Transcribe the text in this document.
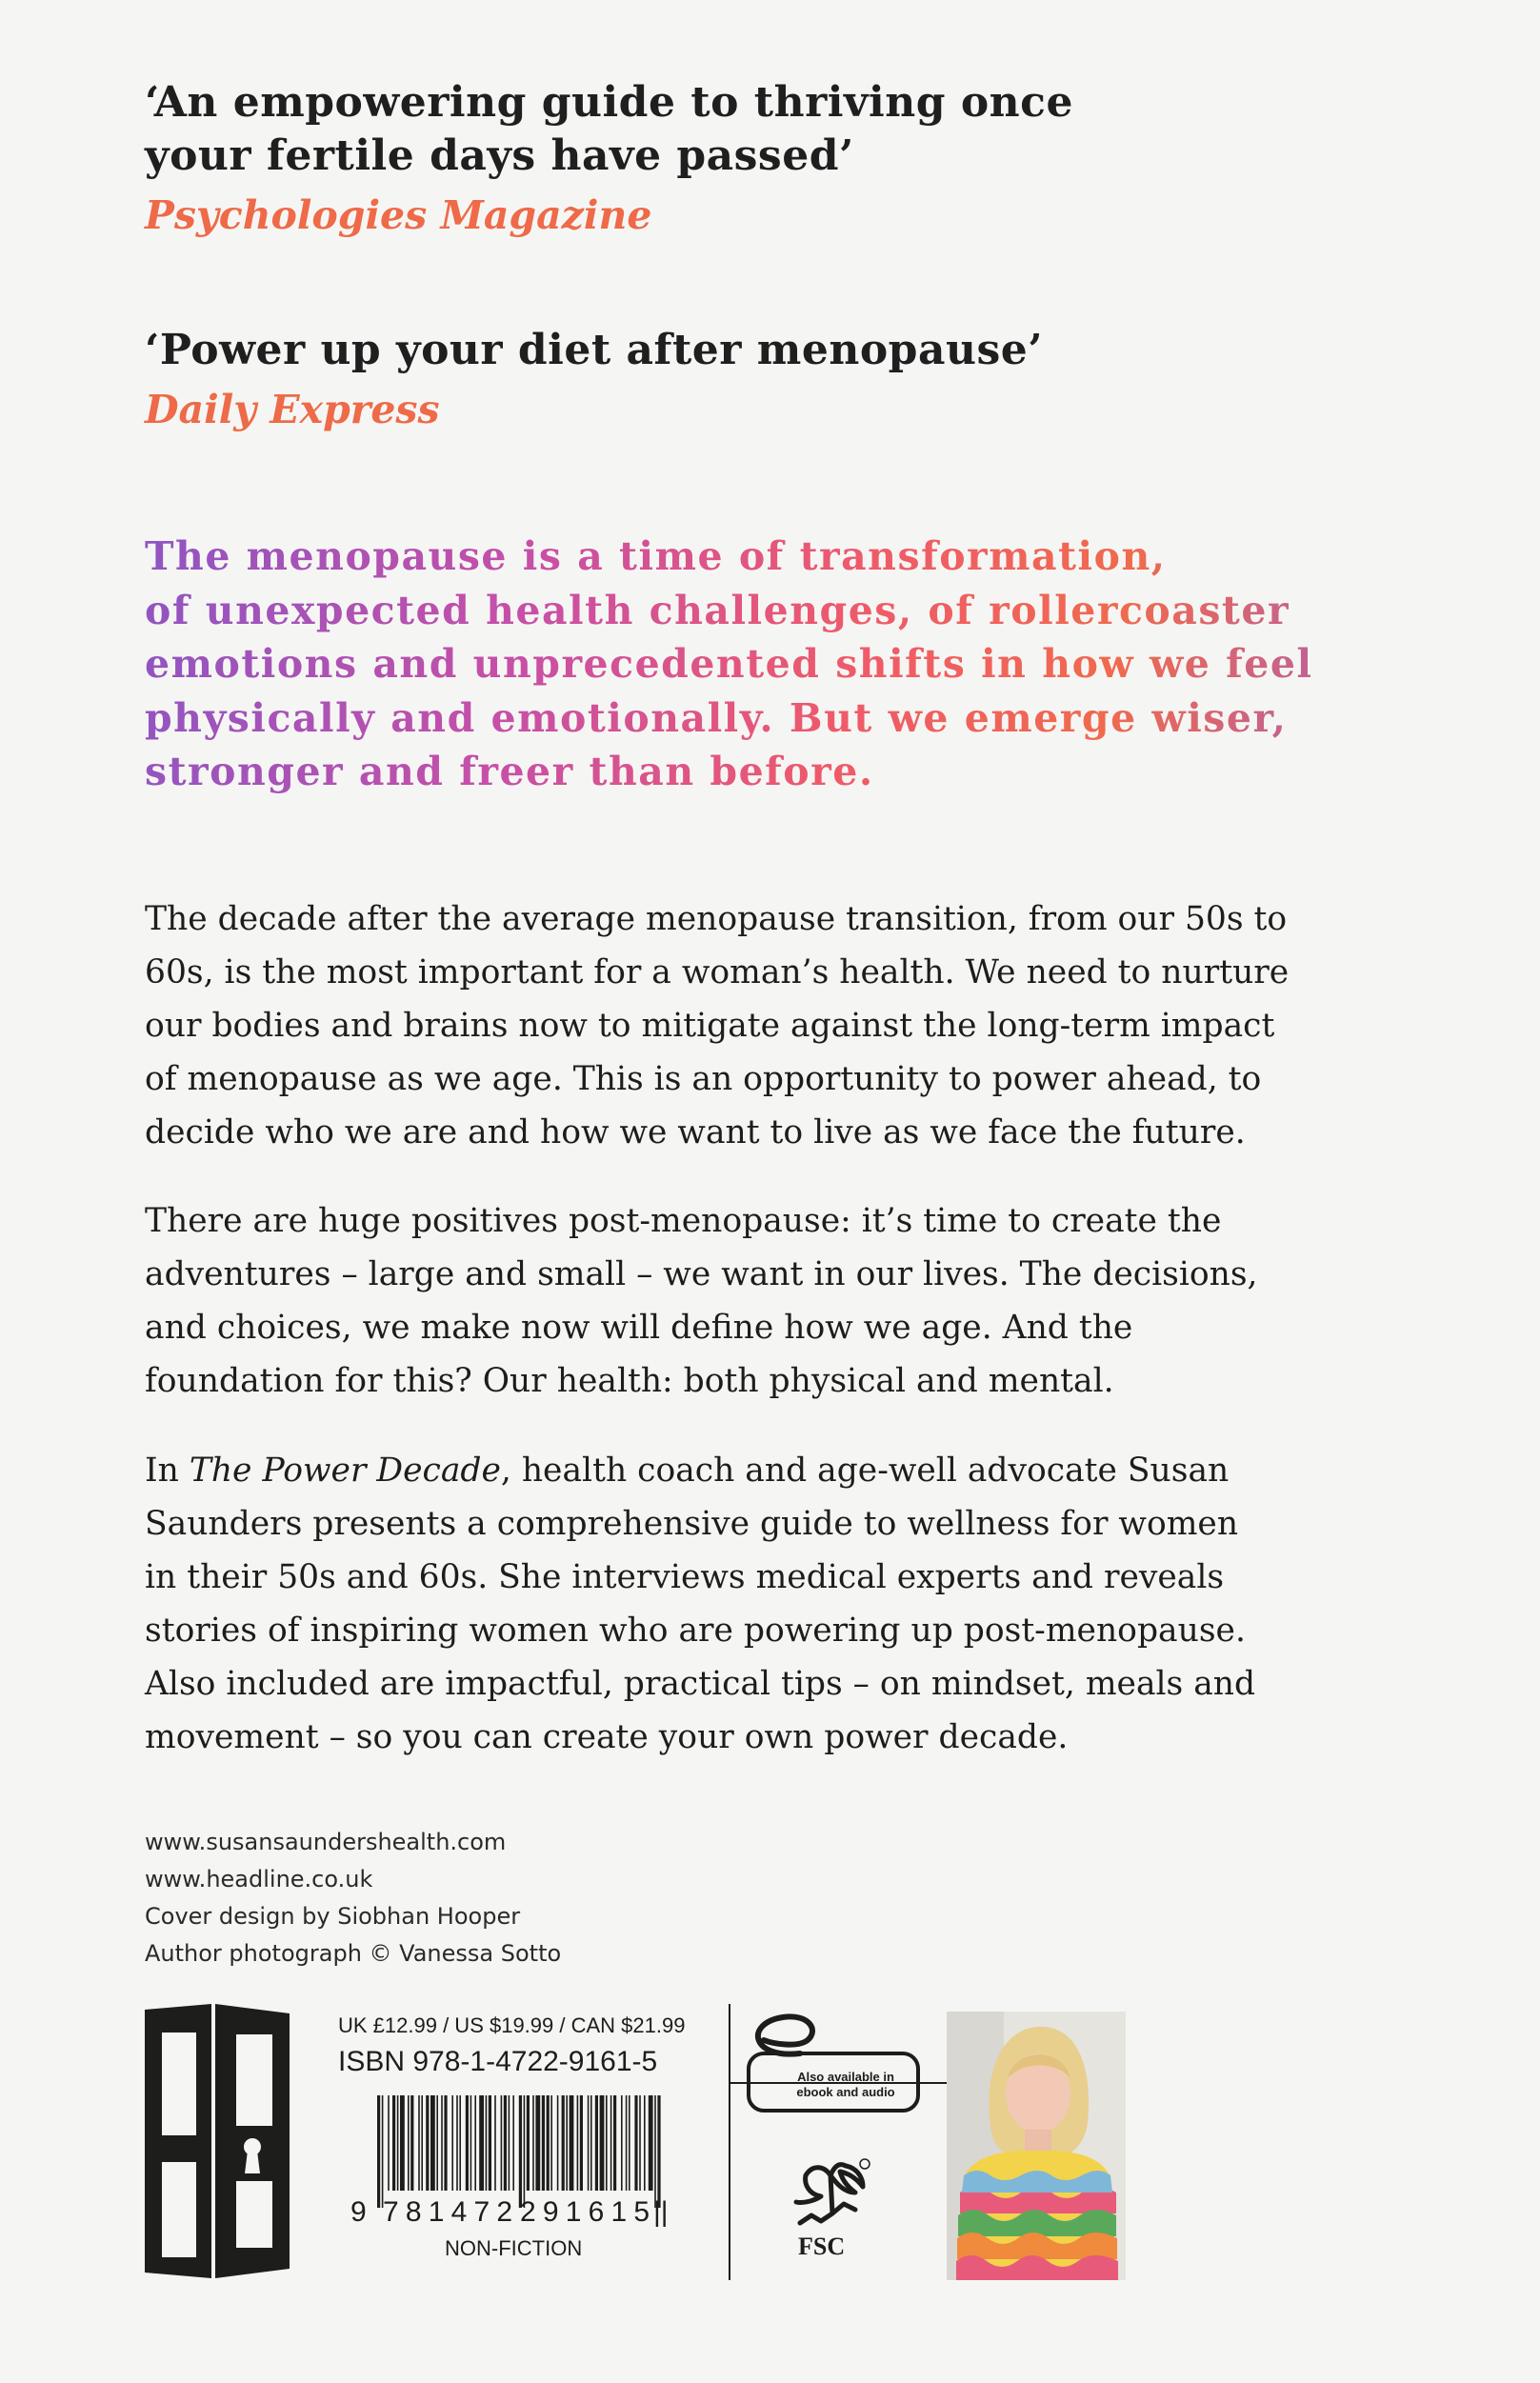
‘An empowering guide to thriving once
your fertile days have passed’

Psychologies Magazine

‘Power up your diet after menopause’

Daily Express

The menopause is a time of transformation,
of unexpected health challenges, of rollercoaster
emotions and unprecedented shifts in how we feel
physically and emotionally. But we emerge wiser,
stronger and freer than before.

The decade after the average menopause transition, from our 50s to
60s, is the most important for a woman’s health. We need to nurture
our bodies and brains now to mitigate against the long-term impact
of menopause as we age. This is an opportunity to power ahead, to
decide who we are and how we want to live as we face the future.

There are huge positives post-menopause: it’s time to create the
adventures – large and small – we want in our lives. The decisions,
and choices, we make now will define how we age. And the
foundation for this? Our health: both physical and mental.

In The Power Decade, health coach and age-well advocate Susan
Saunders presents a comprehensive guide to wellness for women
in their 50s and 60s. She interviews medical experts and reveals
stories of inspiring women who are powering up post-menopause.
Also included are impactful, practical tips – on mindset, meals and
movement – so you can create your own power decade.

www.susansaundershealth.com
www.headline.co.uk
Cover design by Siobhan Hooper
Author photograph © Vanessa Sotto
UK £12.99 / US $19.99 / CAN $21.99
ISBN 978-1-4722-9161-5
9 781472 291615 ||
NON-FICTION
Also available in
ebook and audio
FSC
